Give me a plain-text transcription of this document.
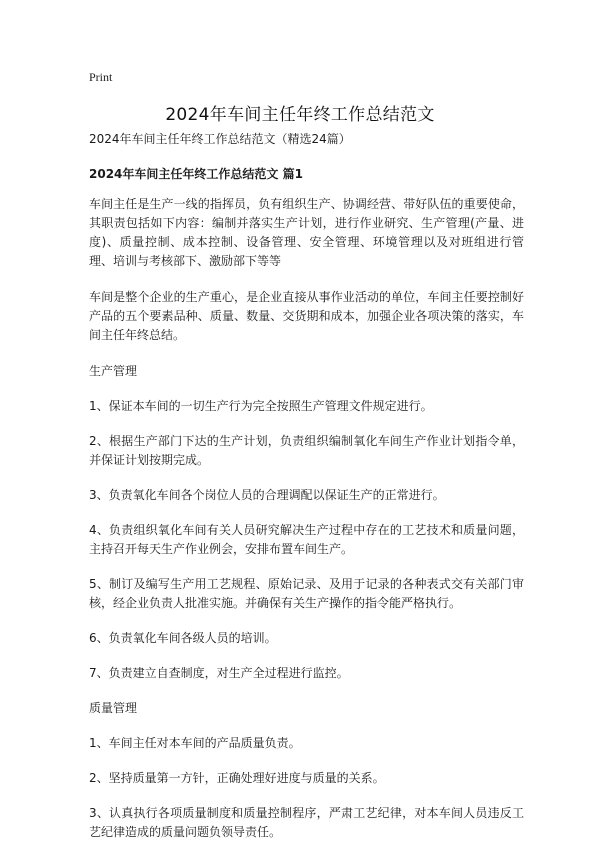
Print
2024年车间主任年终工作总结范文

2024年车间主任年终工作总结范文（精选24篇）

2024年车间主任年终工作总结范文 篇1

车间主任是生产一线的指挥员，负有组织生产、协调经营、带好队伍的重要使命，其职责包括如下内容：编制并落实生产计划，进行作业研究、生产管理(产量、进度)、质量控制、成本控制、设备管理、安全管理、环境管理以及对班组进行管理、培训与考核部下、激励部下等等

车间是整个企业的生产重心，是企业直接从事作业活动的单位，车间主任要控制好产品的五个要素品种、质量、数量、交货期和成本，加强企业各项决策的落实，车间主任年终总结。

生产管理

1、保证本车间的一切生产行为完全按照生产管理文件规定进行。

2、根据生产部门下达的生产计划，负责组织编制氧化车间生产作业计划指令单，并保证计划按期完成。

3、负责氧化车间各个岗位人员的合理调配以保证生产的正常进行。

4、负责组织氧化车间有关人员研究解决生产过程中存在的工艺技术和质量问题，主持召开每天生产作业例会，安排布置车间生产。

5、制订及编写生产用工艺规程、原始记录、及用于记录的各种表式交有关部门审核，经企业负责人批准实施。并确保有关生产操作的指令能严格执行。

6、负责氧化车间各级人员的培训。

7、负责建立自查制度，对生产全过程进行监控。

质量管理

1、车间主任对本车间的产品质量负责。

2、坚持质量第一方针，正确处理好进度与质量的关系。

3、认真执行各项质量制度和质量控制程序，严肃工艺纪律，对本车间人员违反工艺纪律造成的质量问题负领导责任。
